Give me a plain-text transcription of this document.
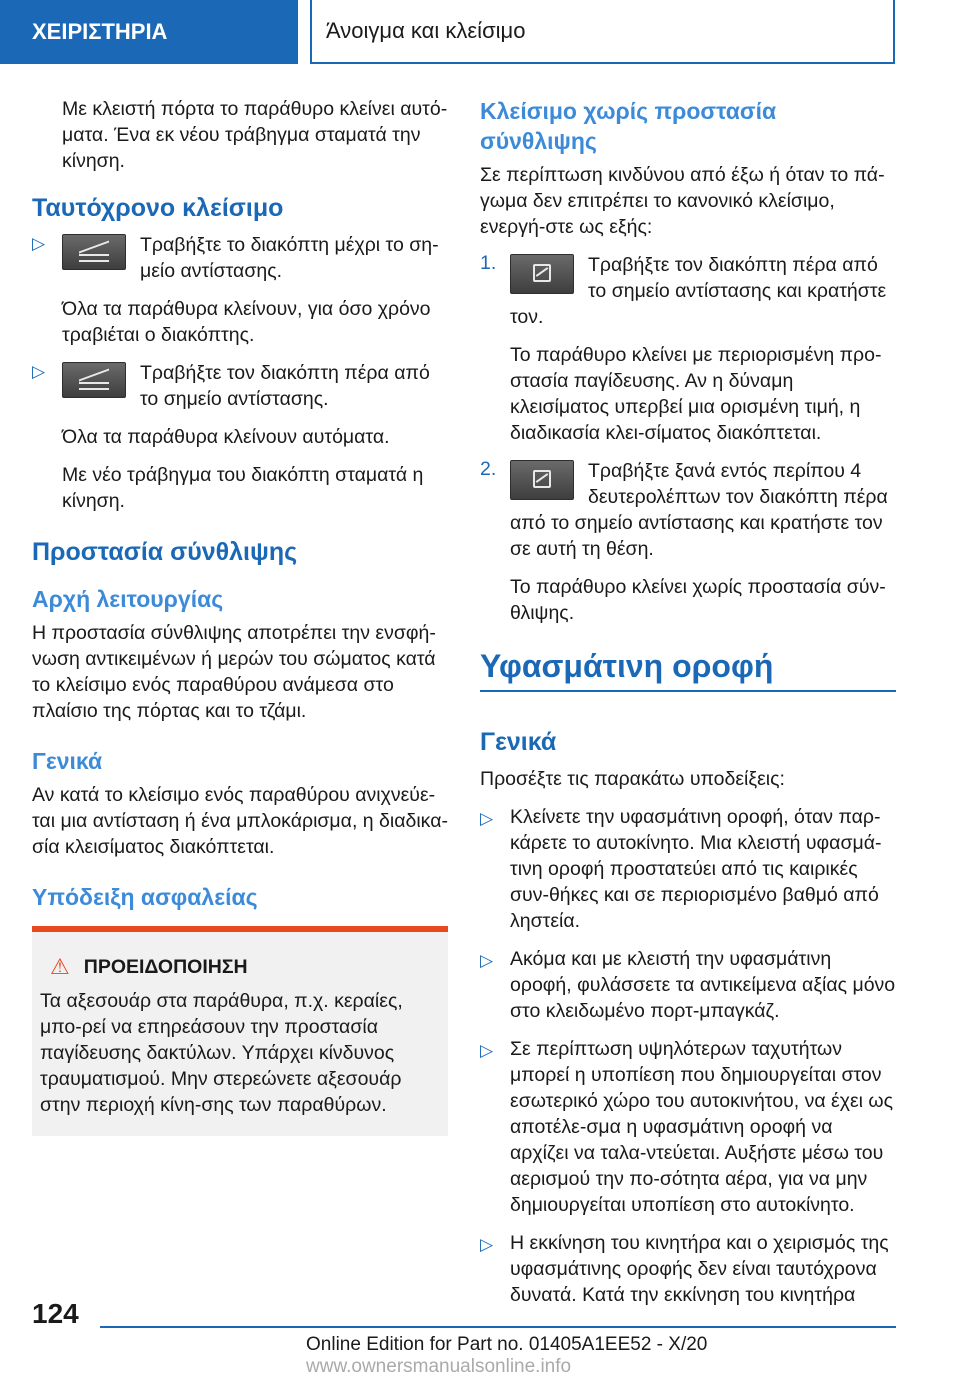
ΧΕΙΡΙΣΤΗΡΙΑ	Άνοιγμα και κλείσιμο

Με κλειστή πόρτα το παράθυρο κλείνει αυτό-ματα. Ένα εκ νέου τράβηγμα σταματά την κίνηση.

Ταυτόχρονο κλείσιμο
▷	Τραβήξτε το διακόπτη μέχρι το ση-μείο αντίστασης.

Όλα τα παράθυρα κλείνουν, για όσο χρόνο τραβιέται ο διακόπτης.

▷	Τραβήξτε τον διακόπτη πέρα από το σημείο αντίστασης.

Όλα τα παράθυρα κλείνουν αυτόματα.

Με νέο τράβηγμα του διακόπτη σταματά η κίνηση.

Προστασία σύνθλιψης
Αρχή λειτουργίας

Η προστασία σύνθλιψης αποτρέπει την ενσφή-νωση αντικειμένων ή μερών του σώματος κατά το κλείσιμο ενός παραθύρου ανάμεσα στο πλαίσιο της πόρτας και το τζάμι.

Γενικά

Αν κατά το κλείσιμο ενός παραθύρου ανιχνεύε-ται μια αντίσταση ή ένα μπλοκάρισμα, η διαδικα-σία κλεισίματος διακόπτεται.

Υπόδειξη ασφαλείας
⚠ ΠΡΟΕΙΔΟΠΟΙΗΣΗ

Τα αξεσουάρ στα παράθυρα, π.χ. κεραίες, μπο-ρεί να επηρεάσουν την προστασία παγίδευσης δακτύλων. Υπάρχει κίνδυνος τραυματισμού. Μην στερεώνετε αξεσουάρ στην περιοχή κίνη-σης των παραθύρων.

Κλείσιμο χωρίς προστασία σύνθλιψης

Σε περίπτωση κινδύνου από έξω ή όταν το πά-γωμα δεν επιτρέπει το κανονικό κλείσιμο, ενεργή-στε ως εξής:

1.	Τραβήξτε τον διακόπτη πέρα από το σημείο αντίστασης και κρατήστε τον.

Το παράθυρο κλείνει με περιορισμένη προ-στασία παγίδευσης. Αν η δύναμη κλεισίματος υπερβεί μια ορισμένη τιμή, η διαδικασία κλει-σίματος διακόπτεται.

2.	Τραβήξτε ξανά εντός περίπου 4 δευτερολέπτων τον διακόπτη πέρα από το σημείο αντίστασης και κρατήστε τον σε αυτή τη θέση.

Το παράθυρο κλείνει χωρίς προστασία σύν-θλιψης.

Υφασμάτινη οροφή
Γενικά

Προσέξτε τις παρακάτω υποδείξεις:

▷ Κλείνετε την υφασμάτινη οροφή, όταν παρ-κάρετε το αυτοκίνητο. Μια κλειστή υφασμά-τινη οροφή προστατεύει από τις καιρικές συν-θήκες και σε περιορισμένο βαθμό από ληστεία.
▷ Ακόμα και με κλειστή την υφασμάτινη οροφή, φυλάσσετε τα αντικείμενα αξίας μόνο στο κλειδωμένο πορτ-μπαγκάζ.
▷ Σε περίπτωση υψηλότερων ταχυτήτων μπορεί η υποπίεση που δημιουργείται στον εσωτερικό χώρο του αυτοκινήτου, να έχει ως αποτέλε-σμα η υφασμάτινη οροφή να αρχίζει να ταλα-ντεύεται. Αυξήστε μέσω του αερισμού την πο-σότητα αέρα, για να μην δημιουργείται υποπίεση στο αυτοκίνητο.
▷ Η εκκίνηση του κινητήρα και ο χειρισμός της υφασμάτινης οροφής δεν είναι ταυτόχρονα δυνατά. Κατά την εκκίνηση του κινητήρα
124
Online Edition for Part no. 01405A1EE52 - X/20 www.ownersmanualsonline.info
